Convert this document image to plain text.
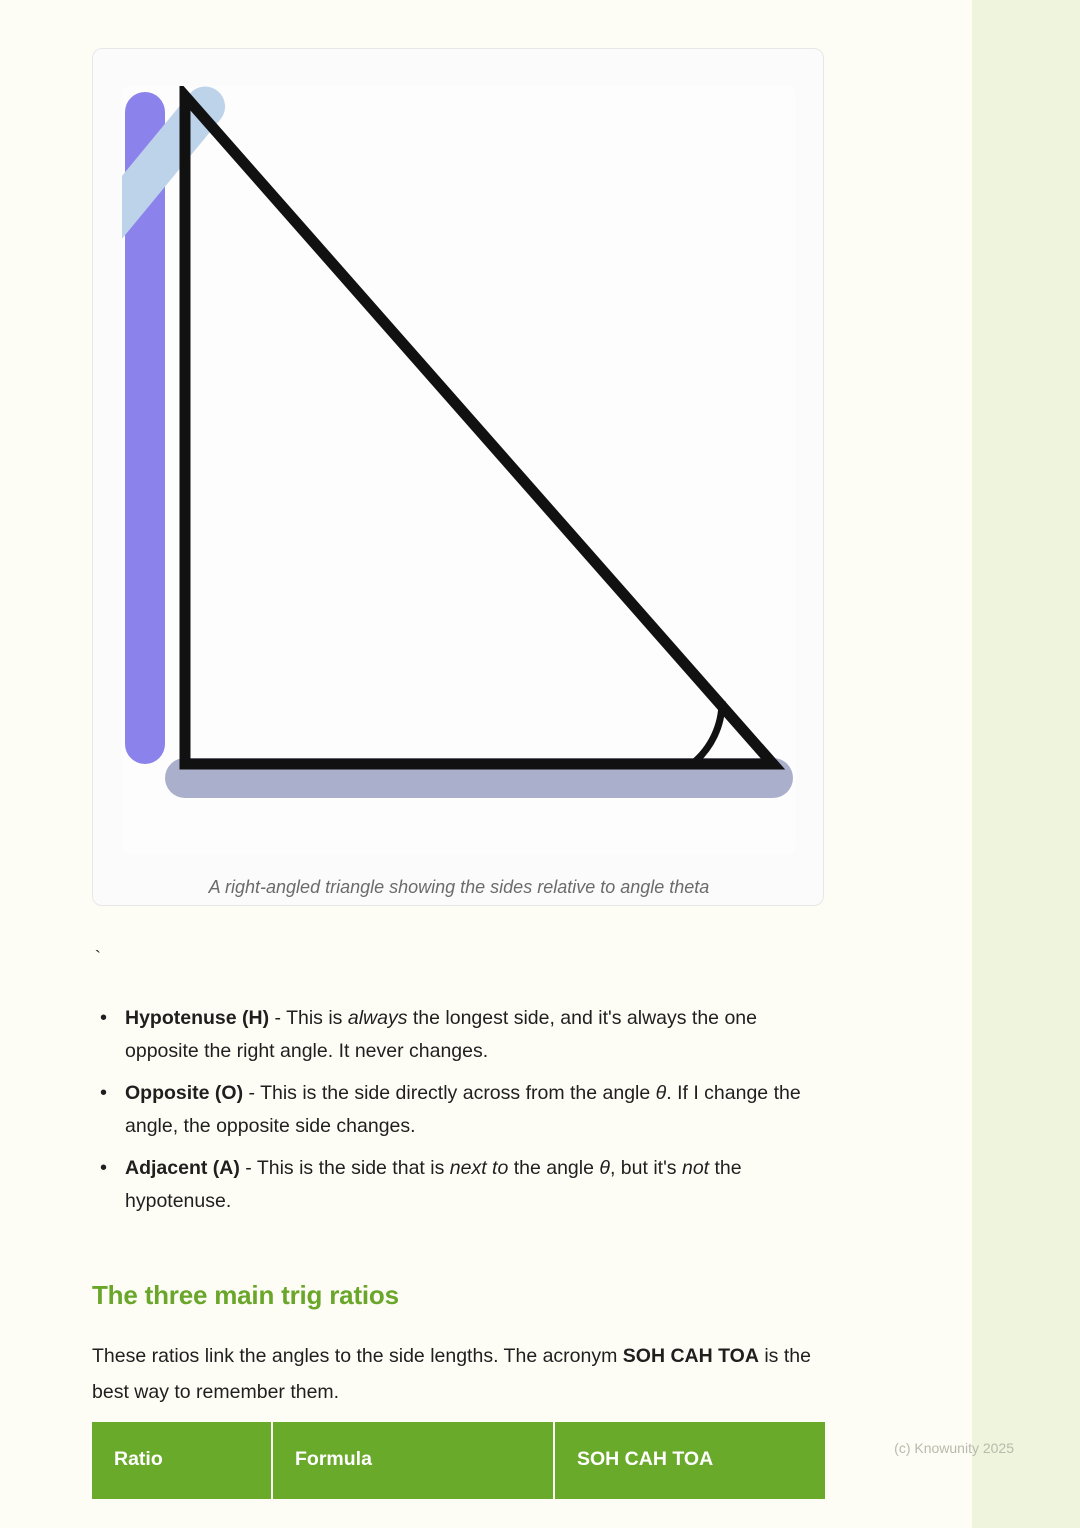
A right-angled triangle showing the sides relative to angle theta
`
• Hypotenuse (H) - This is always the longest side, and it's always the one opposite the right angle. It never changes.
• Opposite (O) - This is the side directly across from the angle θ. If I change the angle, the opposite side changes.
• Adjacent (A) - This is the side that is next to the angle θ, but it's not the hypotenuse.
The three main trig ratios

These ratios link the angles to the side lengths. The acronym SOH CAH TOA is the best way to remember them.

Ratio	Formula	SOH CAH TOA	(c) Knowunity 2025
